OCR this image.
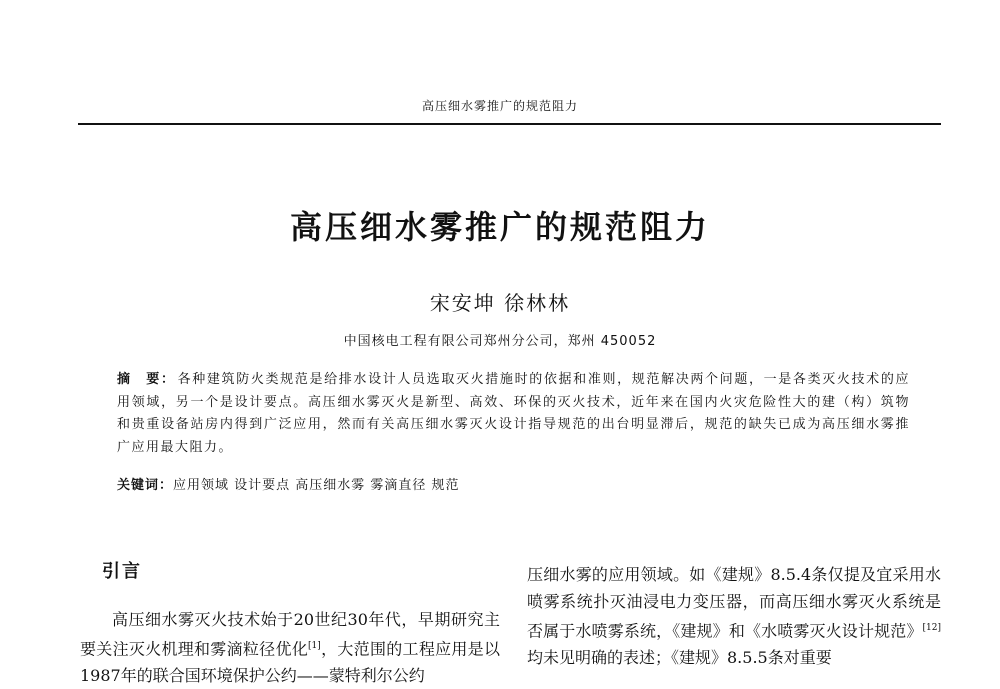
高压细水雾推广的规范阻力
高压细水雾推广的规范阻力
宋安坤 徐林林
中国核电工程有限公司郑州分公司，郑州 450052

摘　要： 各种建筑防火类规范是给排水设计人员选取灭火措施时的依据和准则，规范解决两个问题，一是各类灭火技术的应用领域，另一个是设计要点。高压细水雾灭火是新型、高效、环保的灭火技术，近年来在国内火灾危险性大的建（构）筑物和贵重设备站房内得到广泛应用，然而有关高压细水雾灭火设计指导规范的出台明显滞后，规范的缺失已成为高压细水雾推广应用最大阻力。

关键词：应用领域 设计要点 高压细水雾 雾滴直径 规范
引言

高压细水雾灭火技术始于20世纪30年代，早期研究主要关注灭火机理和雾滴粒径优化[1]，大范围的工程应用是以1987年的联合国环境保护公约——蒙特利尔公约

压细水雾的应用领域。如《建规》8.5.4条仅提及宜采用水喷雾系统扑灭油浸电力变压器，而高压细水雾灭火系统是否属于水喷雾系统，《建规》和《水喷雾灭火设计规范》[12]均未见明确的表述；《建规》8.5.5条对重要
